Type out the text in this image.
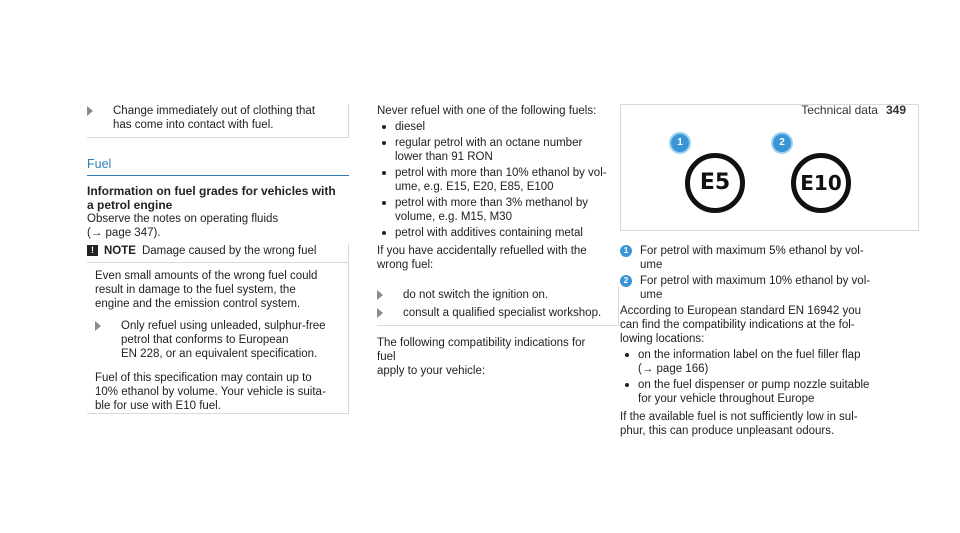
Technical data 349

Change immediately out of clothing that

has come into contact with fuel.

Fuel

Information on fuel grades for vehicles with

a petrol engine

Observe the notes on operating fluids

(→ page 347).

! NOTE Damage caused by the wrong fuel

Even small amounts of the wrong fuel could

result in damage to the fuel system, the

engine and the emission control system.

Only refuel using unleaded, sulphur-free

petrol that conforms to European

EN 228, or an equivalent specification.

Fuel of this specification may contain up to

10% ethanol by volume. Your vehicle is suita-

ble for use with E10 fuel.

Never refuel with one of the following fuels:

diesel

regular petrol with an octane number

lower than 91 RON

petrol with more than 10% ethanol by vol-

ume, e.g. E15, E20, E85, E100

petrol with more than 3% methanol by

volume, e.g. M15, M30

petrol with additives containing metal

If you have accidentally refuelled with the

wrong fuel:

do not switch the ignition on.

consult a qualified specialist workshop.

The following compatibility indications for fuel

apply to your vehicle:

1
E5
2
E10
1	For petrol with maximum 5% ethanol by vol-

ume

2	For petrol with maximum 10% ethanol by vol-

ume

According to European standard EN 16942 you

can find the compatibility indications at the fol-

lowing locations:

on the information label on the fuel filler flap

(→ page 166)

on the fuel dispenser or pump nozzle suitable

for your vehicle throughout Europe

If the available fuel is not sufficiently low in sul-

phur, this can produce unpleasant odours.
